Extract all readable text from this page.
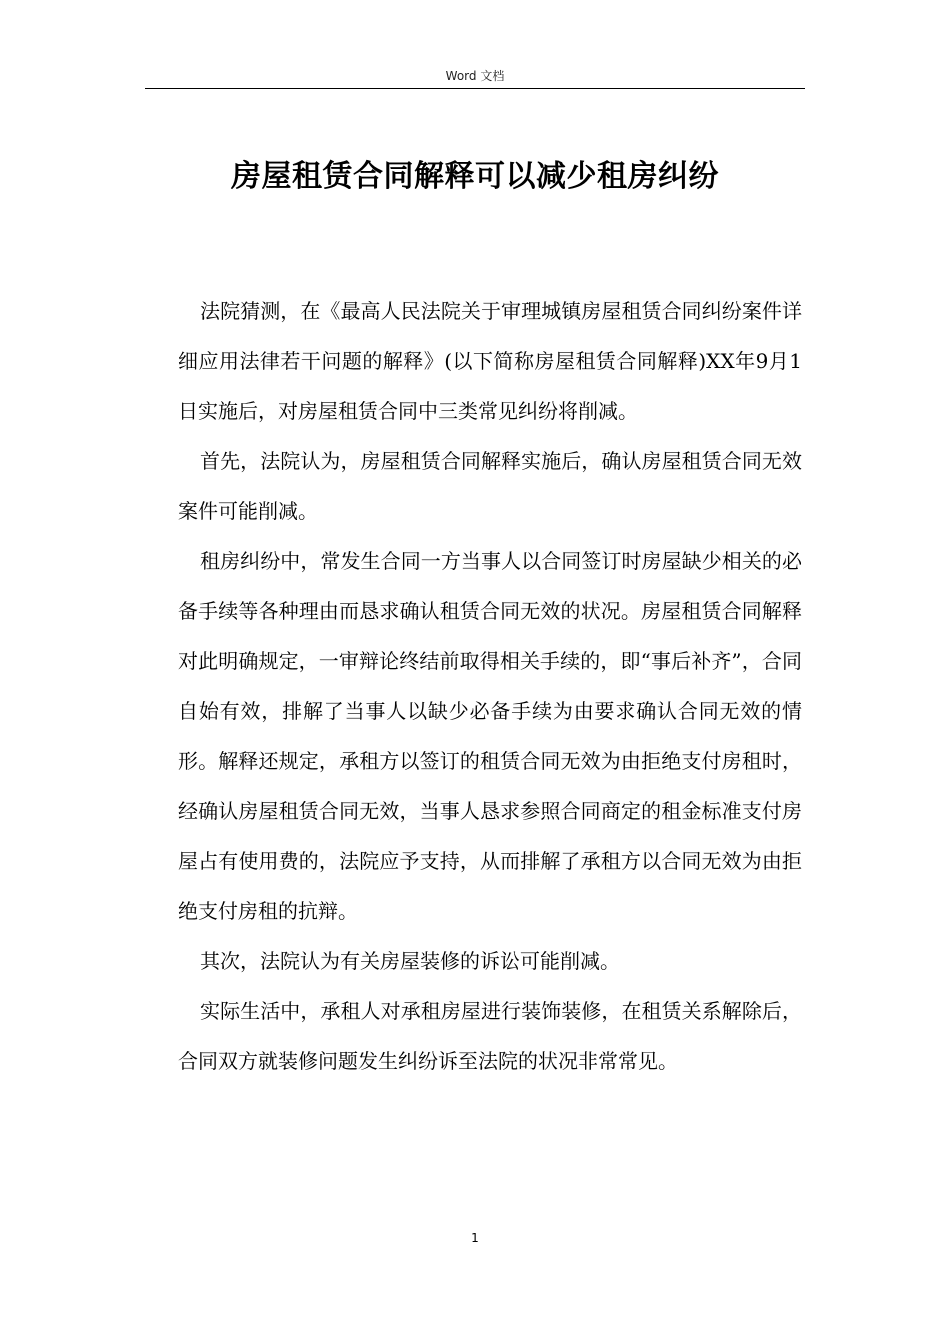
Word 文档
房屋租赁合同解释可以减少租房纠纷

法院猜测，在《最高人民法院关于审理城镇房屋租赁合同纠纷案件详细应用法律若干问题的解释》(以下简称房屋租赁合同解释)XX年9月1日实施后，对房屋租赁合同中三类常见纠纷将削减。

首先，法院认为，房屋租赁合同解释实施后，确认房屋租赁合同无效案件可能削减。

租房纠纷中，常发生合同一方当事人以合同签订时房屋缺少相关的必备手续等各种理由而恳求确认租赁合同无效的状况。房屋租赁合同解释对此明确规定，一审辩论终结前取得相关手续的，即“事后补齐”，合同自始有效，排解了当事人以缺少必备手续为由要求确认合同无效的情形。解释还规定，承租方以签订的租赁合同无效为由拒绝支付房租时，经确认房屋租赁合同无效，当事人恳求参照合同商定的租金标准支付房屋占有使用费的，法院应予支持，从而排解了承租方以合同无效为由拒绝支付房租的抗辩。

其次，法院认为有关房屋装修的诉讼可能削减。

实际生活中，承租人对承租房屋进行装饰装修，在租赁关系解除后，合同双方就装修问题发生纠纷诉至法院的状况非常常见。

1
